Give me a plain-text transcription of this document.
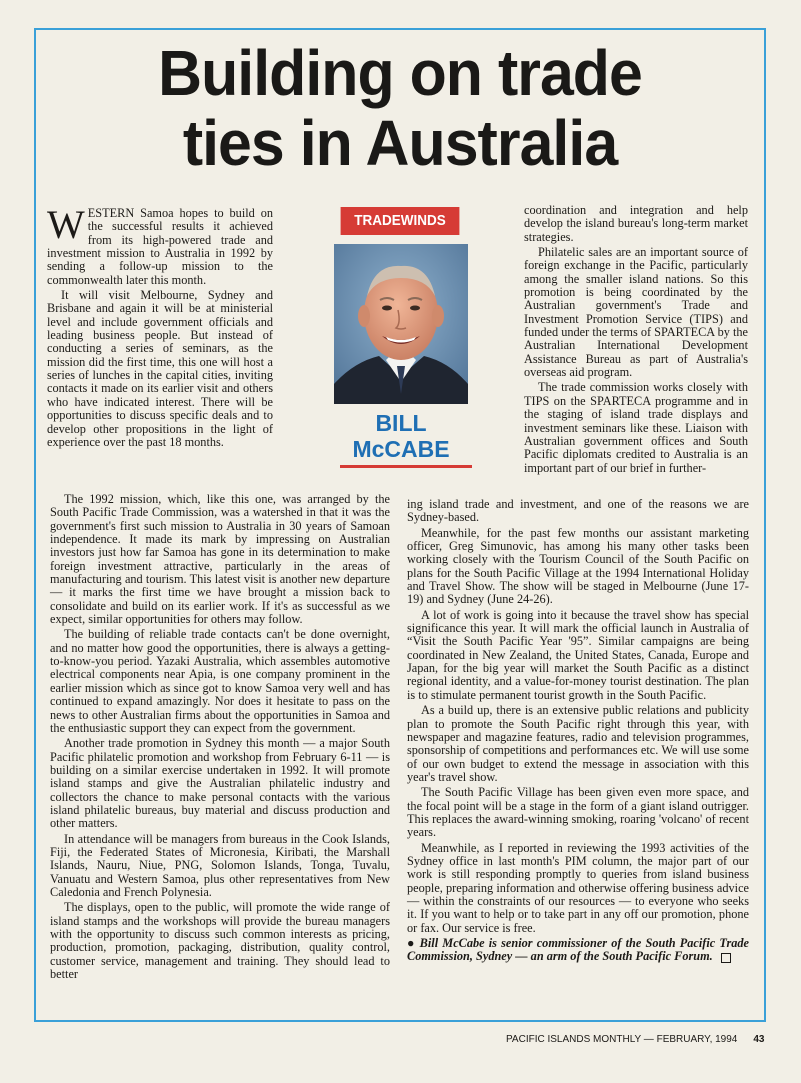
Building on trade
ties in Australia

WESTERN Samoa hopes to build on the successful results it achieved from its high-powered trade and investment mission to Australia in 1992 by sending a follow-up mission to the commonwealth later this month.

It will visit Melbourne, Sydney and Brisbane and again it will be at ministerial level and include government officials and leading business people. But instead of conducting a series of seminars, as the mission did the first time, this one will host a series of lunches in the capital cities, inviting contacts it made on its earlier visit and others who have indicated interest. There will be opportunities to discuss specific deals and to develop other propositions in the light of experience over the past 18 months.

TRADEWINDS
BILL
McCABE

coordination and integration and help develop the island bureau's long-term market strategies.

Philatelic sales are an important source of foreign exchange in the Pacific, particularly among the smaller island nations. So this promotion is being coordinated by the Australian government's Trade and Investment Promotion Service (TIPS) and funded under the terms of SPARTECA by the Australian International Development Assistance Bureau as part of Australia's overseas aid program.

The trade commission works closely with TIPS on the SPARTECA programme and in the staging of island trade displays and investment seminars like these. Liaison with Australian government offices and South Pacific diplomats credited to Australia is an important part of our brief in further-

The 1992 mission, which, like this one, was arranged by the South Pacific Trade Commission, was a watershed in that it was the government's first such mission to Australia in 30 years of Samoan independence. It made its mark by impressing on Australian investors just how far Samoa has gone in its determination to make foreign investment attractive, particularly in the areas of manufacturing and tourism. This latest visit is another new departure — it marks the first time we have brought a mission back to consolidate and build on its earlier work. If it's as successful as we expect, similar opportunities for others may follow.

The building of reliable trade contacts can't be done overnight, and no matter how good the opportunities, there is always a getting-to-know-you period. Yazaki Australia, which assembles automotive electrical components near Apia, is one company prominent in the earlier mission which as since got to know Samoa very well and has continued to expand amazingly. Nor does it hesitate to pass on the news to other Australian firms about the opportunities in Samoa and the enthusiastic support they can expect from the government.

Another trade promotion in Sydney this month — a major South Pacific philatelic promotion and workshop from February 6-11 — is building on a similar exercise undertaken in 1992. It will promote island stamps and give the Australian philatelic industry and collectors the chance to make personal contacts with the various island philatelic bureaus, buy material and discuss production and other matters.

In attendance will be managers from bureaus in the Cook Islands, Fiji, the Federated States of Micronesia, Kiribati, the Marshall Islands, Nauru, Niue, PNG, Solomon Islands, Tonga, Tuvalu, Vanuatu and Western Samoa, plus other representatives from New Caledonia and French Polynesia.

The displays, open to the public, will promote the wide range of island stamps and the workshops will provide the bureau managers with the opportunity to discuss such common interests as pricing, production, promotion, packaging, distribution, quality control, customer service, management and training. They should lead to better

ing island trade and investment, and one of the reasons we are Sydney-based.

Meanwhile, for the past few months our assistant marketing officer, Greg Simunovic, has among his many other tasks been working closely with the Tourism Council of the South Pacific on plans for the South Pacific Village at the 1994 International Holiday and Travel Show. The show will be staged in Melbourne (June 17-19) and Sydney (June 24-26).

A lot of work is going into it because the travel show has special significance this year. It will mark the official launch in Australia of “Visit the South Pacific Year '95”. Similar campaigns are being coordinated in New Zealand, the United States, Canada, Europe and Japan, for the big year will market the South Pacific as a distinct regional identity, and a value-for-money tourist destination. The plan is to stimulate permanent tourist growth in the South Pacific.

As a build up, there is an extensive public relations and publicity plan to promote the South Pacific right through this year, with newspaper and magazine features, radio and television programmes, sponsorship of competitions and performances etc. We will use some of our own budget to extend the message in association with this year's travel show.

The South Pacific Village has been given even more space, and the focal point will be a stage in the form of a giant island outrigger. This replaces the award-winning smoking, roaring 'volcano' of recent years.

Meanwhile, as I reported in reviewing the 1993 activities of the Sydney office in last month's PIM column, the major part of our work is still responding promptly to queries from island business people, preparing information and otherwise offering business advice — within the constraints of our resources — to everyone who seeks it. If you want to help or to take part in any off our promotion, phone or fax. Our service is free.

● Bill McCabe is senior commissioner of the South Pacific Trade Commission, Sydney — an arm of the South Pacific Forum.

PACIFIC ISLANDS MONTHLY — FEBRUARY, 1994 43
